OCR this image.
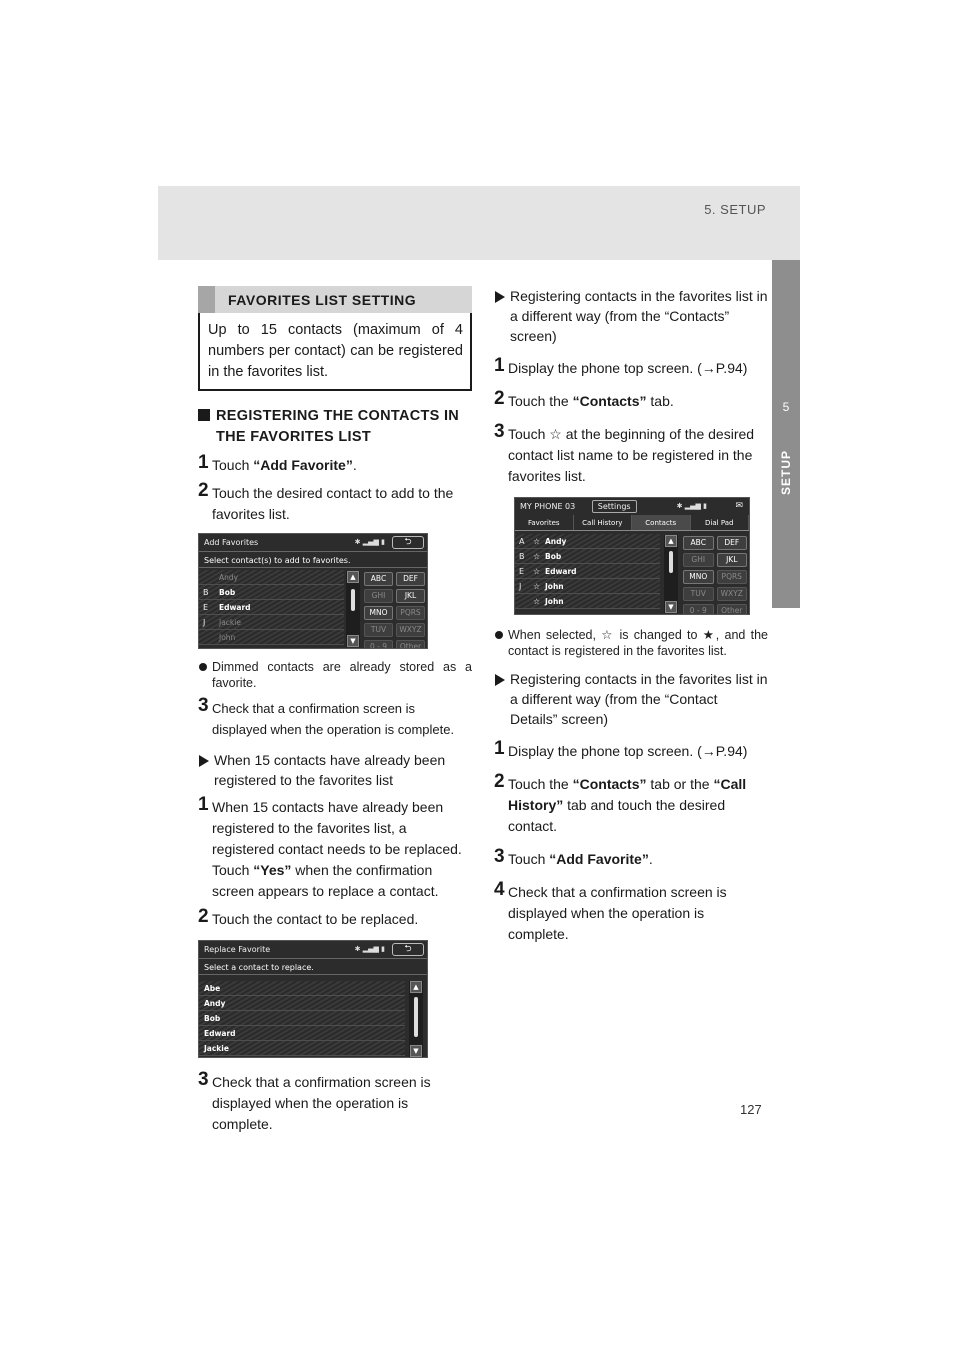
5. SETUP
5
SETUP
127
FAVORITES LIST SETTING
Up to 15 contacts (maximum of 4 numbers per contact) can be registered in the favorites list.
REGISTERING THE CONTACTS IN THE FAVORITES LIST
1 Touch “Add Favorite”.
2 Touch the desired contact to add to the favorites list.
Add Favorites	✱ ▂▄▆ ▮	⮌
Select contact(s) to add to favorites.
Andy
B Bob
E Edward
J Jackie
John
▲
▼
ABC	DEF
GHI	JKL
MNO	PQRS
TUV	WXYZ
0 - 9	Other
Dimmed contacts are already stored as a favorite.
3 Check that a confirmation screen is displayed when the operation is complete.
When 15 contacts have already been registered to the favorites list
1 When 15 contacts have already been registered to the favorites list, a registered contact needs to be replaced.
Touch “Yes” when the confirmation screen appears to replace a contact.
2 Touch the contact to be replaced.
Replace Favorite	✱ ▂▄▆ ▮	⮌
Select a contact to replace.
Abe
Andy
Bob
Edward
Jackie
▲
▼
3 Check that a confirmation screen is displayed when the operation is complete.
Registering contacts in the favorites list in a different way (from the “Contacts” screen)
1 Display the phone top screen. (→P.94)
2 Touch the “Contacts” tab.
3 Touch ☆ at the beginning of the desired contact list name to be registered in the favorites list.
MY PHONE 03	Settings	✱ ▂▄▆ ▮	✉
Favorites	Call History	Contacts	Dial Pad
A ☆ Andy
B ☆ Bob
E ☆ Edward
J ☆ John
☆ John
▲
▼
ABC	DEF
GHI	JKL
MNO	PQRS
TUV	WXYZ
0 - 9	Other
When selected, ☆ is changed to ★, and the contact is registered in the favorites list.
Registering contacts in the favorites list in a different way (from the “Contact Details” screen)
1 Display the phone top screen. (→P.94)
2 Touch the “Contacts” tab or the “Call History” tab and touch the desired contact.
3 Touch “Add Favorite”.
4 Check that a confirmation screen is displayed when the operation is complete.
